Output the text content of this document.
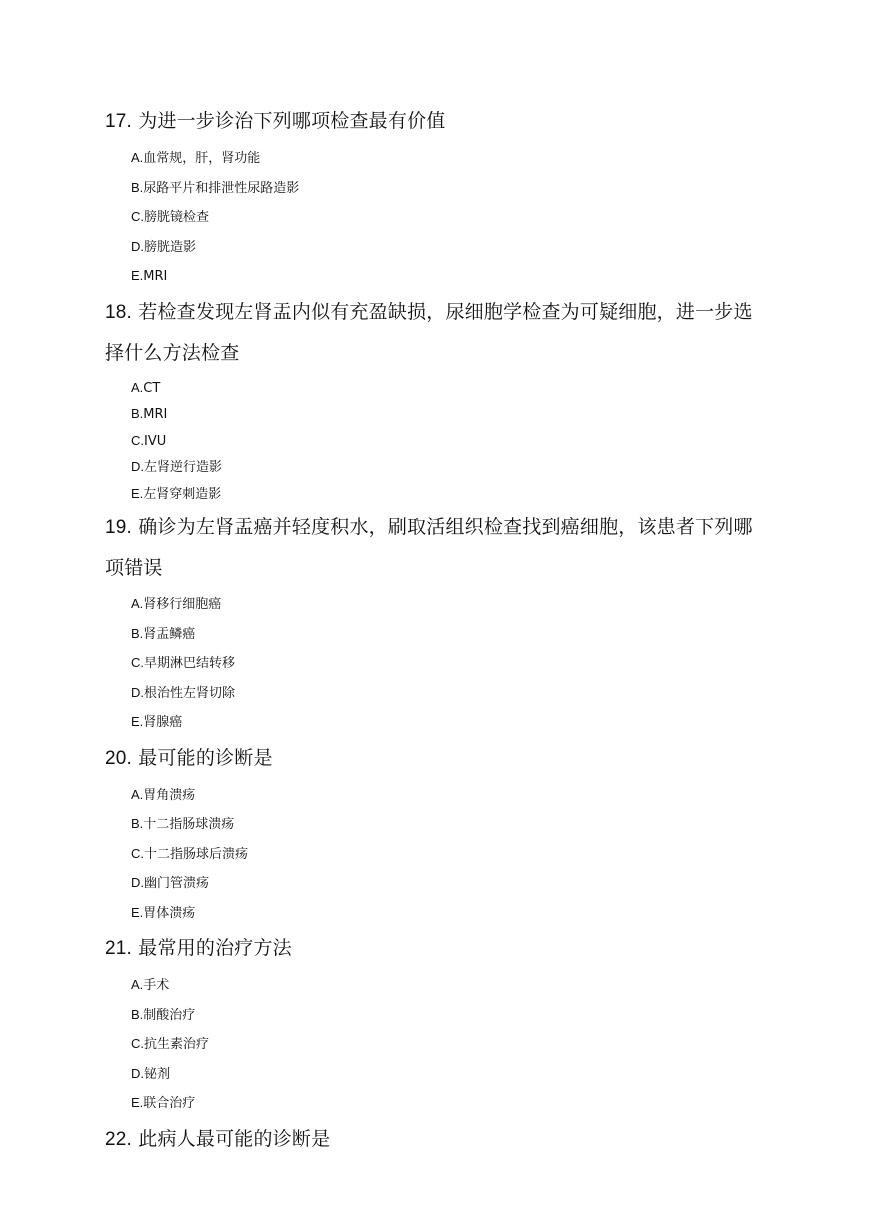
17. 为进一步诊治下列哪项检查最有价值

A.血常规，肝，肾功能
B.尿路平片和排泄性尿路造影
C.膀胱镜检查
D.膀胱造影
E.MRI

18. 若检查发现左肾盂内似有充盈缺损，尿细胞学检查为可疑细胞，进一步选择什么方法检查

A.CT
B.MRI
C.IVU
D.左肾逆行造影
E.左肾穿刺造影

19. 确诊为左肾盂癌并轻度积水，刷取活组织检查找到癌细胞，该患者下列哪项错误

A.肾移行细胞癌
B.肾盂鳞癌
C.早期淋巴结转移
D.根治性左肾切除
E.肾腺癌

20. 最可能的诊断是

A.胃角溃疡
B.十二指肠球溃疡
C.十二指肠球后溃疡
D.幽门管溃疡
E.胃体溃疡

21. 最常用的治疗方法

A.手术
B.制酸治疗
C.抗生素治疗
D.铋剂
E.联合治疗

22. 此病人最可能的诊断是
